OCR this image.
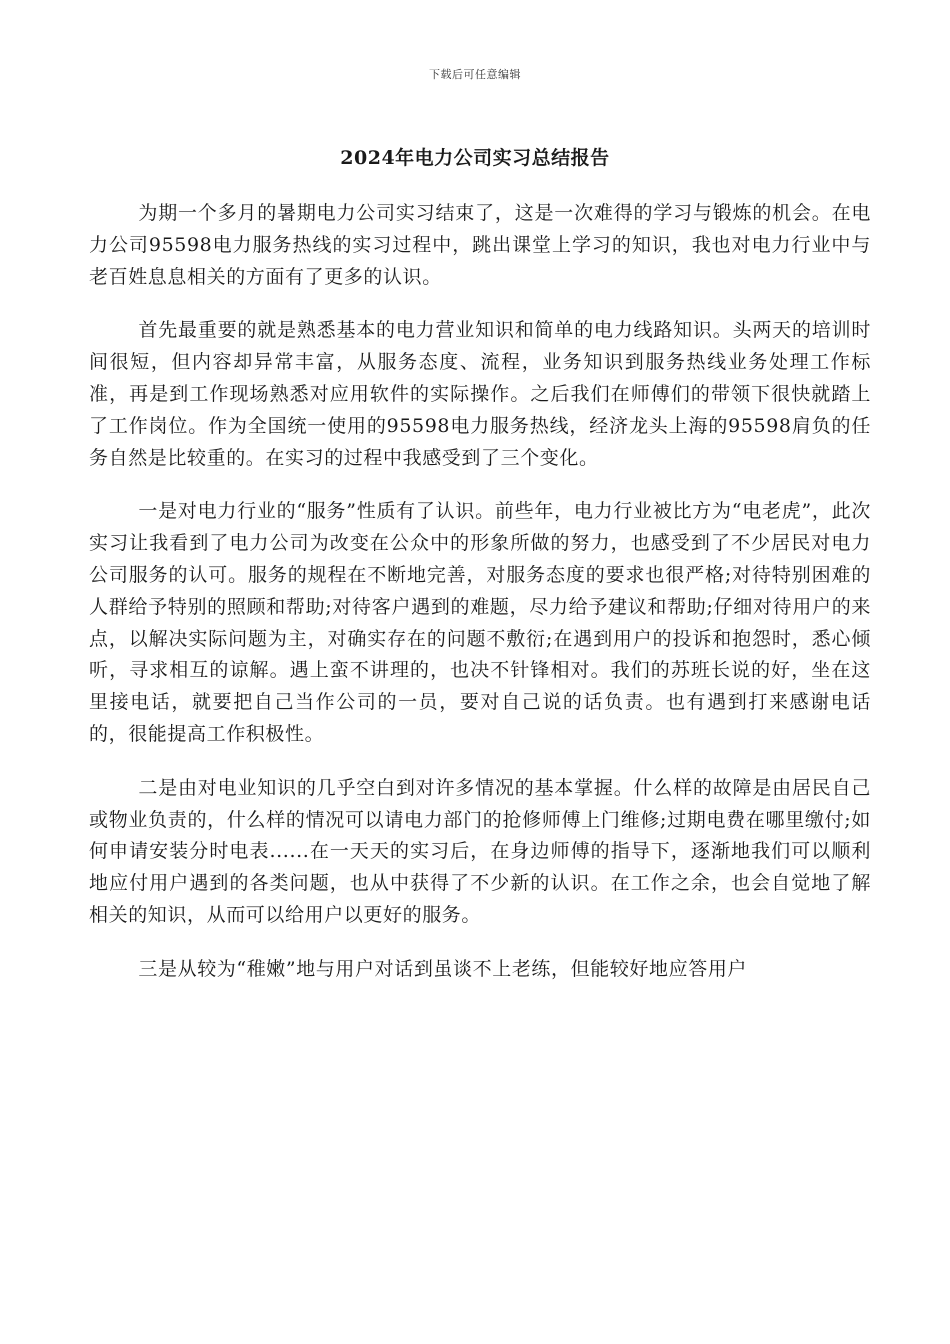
下载后可任意编辑
2024年电力公司实习总结报告

为期一个多月的暑期电力公司实习结束了，这是一次难得的学习与锻炼的机会。在电力公司95598电力服务热线的实习过程中，跳出课堂上学习的知识，我也对电力行业中与老百姓息息相关的方面有了更多的认识。

首先最重要的就是熟悉基本的电力营业知识和简单的电力线路知识。头两天的培训时间很短，但内容却异常丰富，从服务态度、流程，业务知识到服务热线业务处理工作标准，再是到工作现场熟悉对应用软件的实际操作。之后我们在师傅们的带领下很快就踏上了工作岗位。作为全国统一使用的95598电力服务热线，经济龙头上海的95598肩负的任务自然是比较重的。在实习的过程中我感受到了三个变化。

一是对电力行业的“服务”性质有了认识。前些年，电力行业被比方为“电老虎”，此次实习让我看到了电力公司为改变在公众中的形象所做的努力，也感受到了不少居民对电力公司服务的认可。服务的规程在不断地完善，对服务态度的要求也很严格;对待特别困难的人群给予特别的照顾和帮助;对待客户遇到的难题，尽力给予建议和帮助;仔细对待用户的来点，以解决实际问题为主，对确实存在的问题不敷衍;在遇到用户的投诉和抱怨时，悉心倾听，寻求相互的谅解。遇上蛮不讲理的，也决不针锋相对。我们的苏班长说的好，坐在这里接电话，就要把自己当作公司的一员，要对自己说的话负责。也有遇到打来感谢电话的，很能提高工作积极性。

二是由对电业知识的几乎空白到对许多情况的基本掌握。什么样的故障是由居民自己或物业负责的，什么样的情况可以请电力部门的抢修师傅上门维修;过期电费在哪里缴付;如何申请安装分时电表......在一天天的实习后，在身边师傅的指导下，逐渐地我们可以顺利地应付用户遇到的各类问题，也从中获得了不少新的认识。在工作之余，也会自觉地了解相关的知识，从而可以给用户以更好的服务。

三是从较为“稚嫩”地与用户对话到虽谈不上老练，但能较好地应答用户
